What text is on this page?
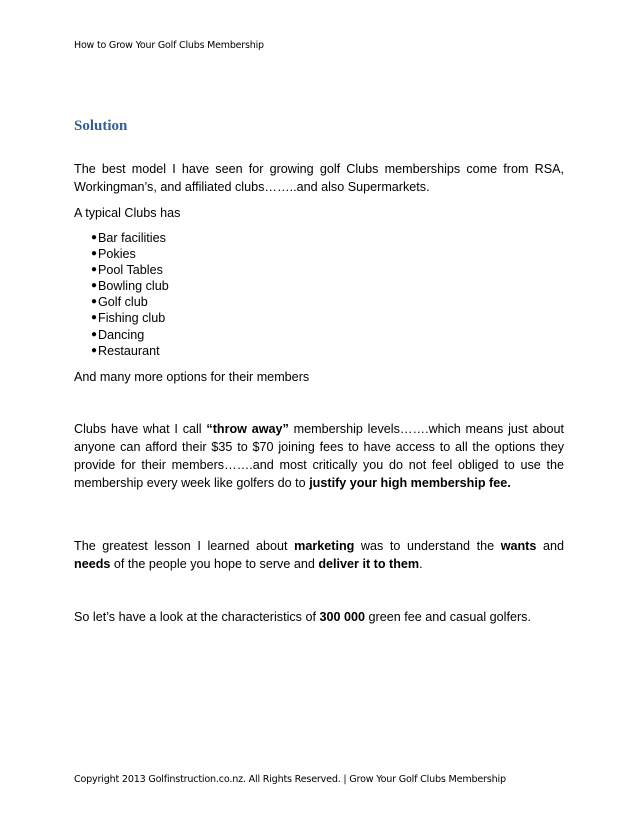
How to Grow Your Golf Clubs Membership
Solution
The best model I have seen for growing golf Clubs memberships come from RSA, Workingman’s, and affiliated clubs……..and also Supermarkets.
A typical Clubs has
● Bar facilities
● Pokies
● Pool Tables
● Bowling club
● Golf club
● Fishing club
● Dancing
● Restaurant
And many more options for their members
Clubs have what I call “throw away” membership levels…….which means just about anyone can afford their $35 to $70 joining fees to have access to all the options they provide for their members…….and most critically you do not feel obliged to use the membership every week like golfers do to justify your high membership fee.
The greatest lesson I learned about marketing was to understand the wants and needs of the people you hope to serve and deliver it to them.
So let’s have a look at the characteristics of 300 000 green fee and casual golfers.
Copyright 2013 Golfinstruction.co.nz. All Rights Reserved. | Grow Your Golf Clubs Membership
